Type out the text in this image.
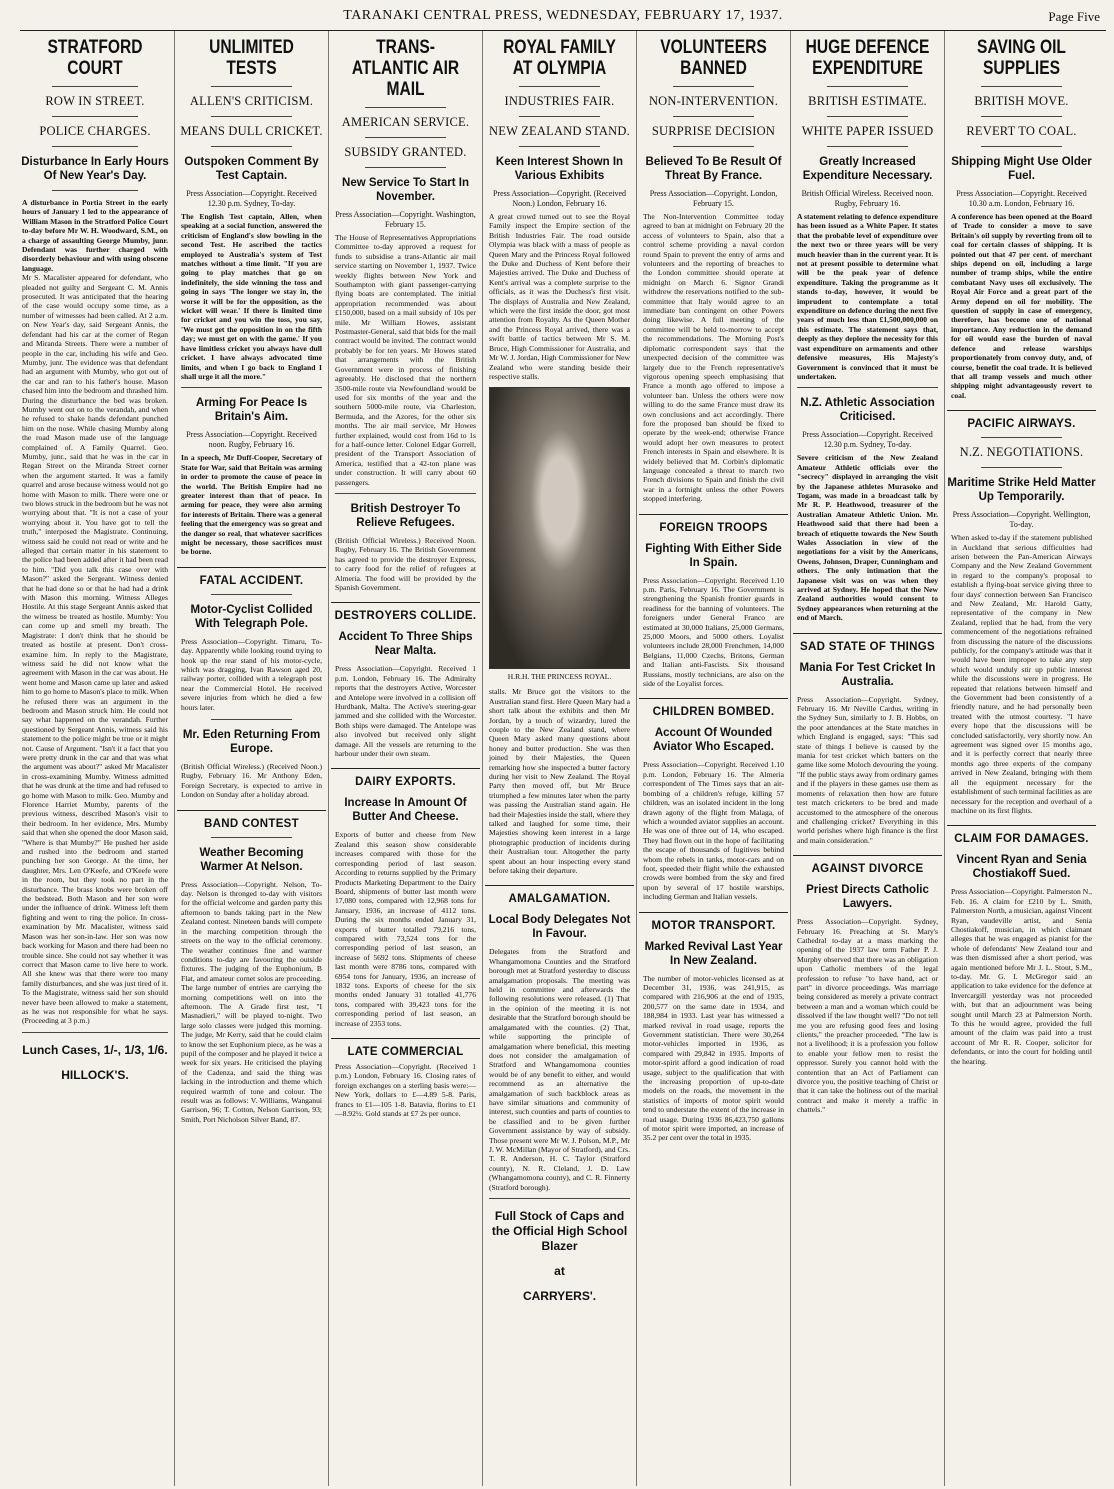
TARANAKI CENTRAL PRESS, WEDNESDAY, FEBRUARY 17, 1937.	Page Five
STRATFORD COURT
ROW IN STREET.
POLICE CHARGES.
Disturbance In Early Hours Of New Year's Day.

A disturbance in Portia Street in the early hours of January 1 led to the appearance of William Mason in the Stratford Police Court to-day before Mr W. H. Woodward, S.M., on a charge of assaulting George Mumby, junr. Defendant was further charged with disorderly behaviour and with using obscene language.

Mr S. Macalister appeared for defendant, who pleaded not guilty and Sergeant C. M. Annis prosecuted. It was anticipated that the hearing of the case would occupy some time, as a number of witnesses had been called. At 2 a.m. on New Year's day, said Sergeant Annis, the defendant had his car at the corner of Regan and Miranda Streets. There were a number of people in the car, including his wife and Geo. Mumby, junr. The evidence was that defendant had an argument with Mumby, who got out of the car and ran to his father's house. Mason chased him into the bedroom and thrashed him. During the disturbance the bed was broken. Mumby went out on to the verandah, and when he refused to shake hands defendant punched him on the nose. While chasing Mumby along the road Mason made use of the language complained of. A Family Quarrel. Geo. Mumby, junr., said that he was in the car in Regan Street on the Miranda Street corner when the argument started. It was a family quarrel and arose because witness would not go home with Mason to milk. There were one or two blows struck in the bedroom but he was not worrying about that. "It is not a case of your worrying about it. You have got to tell the truth," interposed the Magistrate. Continuing, witness said he could not read or write and he alleged that certain matter in his statement to the police had been added after it had been read to him. "Did you talk this case over with Mason?" asked the Sergeant. Witness denied that he had done so or that he had had a drink with Mason this morning. Witness Alleges Hostile. At this stage Sergeant Annis asked that the witness be treated as hostile. Mumby: You can come up and smell my breath. The Magistrate: I don't think that he should be treated as hostile at present. Don't cross-examine him. In reply to the Magistrate, witness said he did not know what the agreement with Mason in the car was about. He went home and Mason came up later and asked him to go home to Mason's place to milk. When he refused there was an argument in the bedroom and Mason struck him. He could not say what happened on the verandah. Further questioned by Sergeant Annis, witness said his statement to the police might be true or it might not. Cause of Argument. "Isn't it a fact that you were pretty drunk in the car and that was what the argument was about?" asked Mr Macalister in cross-examining Mumby. Witness admitted that he was drunk at the time and had refused to go home with Mason to milk. Geo. Mumby and Florence Harriet Mumby, parents of the previous witness, described Mason's visit to their bedroom. In her evidence, Mrs. Mumby said that when she opened the door Mason said, "Where is that Mumby?" He pushed her aside and rushed into the bedroom and started punching her son George. At the time, her daughter, Mrs. Len O'Keefe, and O'Keefe were in the room, but they took no part in the disturbance. The brass knobs were broken off the bedstead. Both Mason and her son were under the influence of drink. Witness left them fighting and went to ring the police. In cross-examination by Mr. Macalister, witness said Mason was her son-in-law. Her son was now back working for Mason and there had been no trouble since. She could not say whether it was correct that Mason came to live here to work. All she knew was that there were too many family disturbances, and she was just tired of it. To the Magistrate, witness said her son should never have been allowed to make a statement, as he was not responsible for what he says. (Proceeding at 3 p.m.)

Lunch Cases, 1/-, 1/3, 1/6.
HILLOCK'S.
UNLIMITED TESTS
ALLEN'S CRITICISM.
MEANS DULL CRICKET.
Outspoken Comment By Test Captain.
Press Association—Copyright. Received 12.30 p.m. Sydney, To-day.

The English Test captain, Allen, when speaking at a social function, answered the criticism of England's slow bowling in the second Test. He ascribed the tactics employed to Australia's system of Test matches without a time limit. "If you are going to play matches that go on indefinitely, the side winning the toss and going in says 'The longer we stay in, the worse it will be for the opposition, as the wicket will wear.' If there is limited time for cricket and you win the toss, you say, 'We must get the opposition in on the fifth day; we must get on with the game.' If you have limitless cricket you always have dull cricket. I have always advocated time limits, and when I go back to England I shall urge it all the more."

Arming For Peace Is Britain's Aim.
Press Association—Copyright. Received noon. Rugby, February 16.

In a speech, Mr Duff-Cooper, Secretary of State for War, said that Britain was arming in order to promote the cause of peace in the world. The British Empire had no greater interest than that of peace. In arming for peace, they were also arming for interests of Britain. There was a general feeling that the emergency was so great and the danger so real, that whatever sacrifices might be necessary, those sacrifices must be borne.

FATAL ACCIDENT.
Motor-Cyclist Collided With Telegraph Pole.

Press Association—Copyright. Timaru, To-day. Apparently while looking round trying to hook up the rear stand of his motor-cycle, which was dragging, Ivan Rawson aged 20, railway porter, collided with a telegraph post near the Commercial Hotel. He received severe injuries from which he died a few hours later.

Mr. Eden Returning From Europe.

(British Official Wireless.) (Received Noon.) Rugby, February 16. Mr Anthony Eden, Foreign Secretary, is expected to arrive in London on Sunday after a holiday abroad.

BAND CONTEST
Weather Becoming Warmer At Nelson.

Press Association—Copyright. Nelson, To-day. Nelson is thronged to-day with visitors for the official welcome and garden party this afternoon to bands taking part in the New Zealand contest. Nineteen bands will compete in the marching competition through the streets on the way to the official ceremony. The weather continues fine and warmer conditions to-day are favouring the outside fixtures. The judging of the Euphonium, B Flat, and amateur cornet solos are proceeding. The large number of entries are carrying the morning competitions well on into the afternoon. The A Grade first test, "I Masnadieri," will be played to-night. Two large solo classes were judged this morning. The judge, Mr Kerry, said that he could claim to know the set Euphonium piece, as he was a pupil of the composer and he played it twice a week for six years. He criticised the playing of the Cadenza, and said the thing was lacking in the introduction and theme which required warmth of tone and colour. The result was as follows: V. Williams, Wanganui Garrison, 96; T. Cotton, Nelson Garrison, 93; Smith, Port Nicholson Silver Band, 87.

TRANS-ATLANTIC AIR MAIL
AMERICAN SERVICE.
SUBSIDY GRANTED.
New Service To Start In November.
Press Association—Copyright. Washington, February 15.

The House of Representatives Appropriations Committee to-day approved a request for funds to subsidise a trans-Atlantic air mail service starting on November 1, 1937. Twice weekly flights between New York and Southampton with giant passenger-carrying flying boats are contemplated. The initial appropriation recommended was about £150,000, based on a mail subsidy of 10s per mile. Mr William Howes, assistant Postmaster-General, said that bids for the mail contract would be invited. The contract would probably be for ten years. Mr Howes stated that arrangements with the British Government were in process of finishing agreeably. He disclosed that the northern 3500-mile route via Newfoundland would be used for six months of the year and the southern 5000-mile route, via Charleston, Bermuda, and the Azores, for the other six months. The air mail service, Mr Howes further explained, would cost from 16d to 1s for a half-ounce letter. Colonel Edgar Gorrell, president of the Transport Association of America, testified that a 42-ton plane was under construction. It will carry about 60 passengers.

British Destroyer To Relieve Refugees.

(British Official Wireless.) Received Noon. Rugby, February 16. The British Government has agreed to provide the destroyer Express, to carry food for the relief of refugees at Almeria. The food will be provided by the Spanish Government.

DESTROYERS COLLIDE.
Accident To Three Ships Near Malta.

Press Association—Copyright. Received 1 p.m. London, February 16. The Admiralty reports that the destroyers Active, Worcester and Antelope were involved in a collision off Hurdbank, Malta. The Active's steering-gear jammed and she collided with the Worcester. Both ships were damaged. The Antelope was also involved but received only slight damage. All the vessels are returning to the harbour under their own steam.

DAIRY EXPORTS.
Increase In Amount Of Butter And Cheese.

Exports of butter and cheese from New Zealand this season show considerable increases compared with those for the corresponding period of last season. According to returns supplied by the Primary Products Marketing Department to the Dairy Board, shipments of butter last month were 17,080 tons, compared with 12,968 tons for January, 1936, an increase of 4112 tons. During the six months ended January 31, exports of butter totalled 79,216 tons, compared with 73,524 tons for the corresponding period of last season, an increase of 5692 tons. Shipments of cheese last month were 8786 tons, compared with 6954 tons for January, 1936, an increase of 1832 tons. Exports of cheese for the six months ended January 31 totalled 41,776 tons, compared with 39,423 tons for the corresponding period of last season, an increase of 2353 tons.

LATE COMMERCIAL

Press Association—Copyright. (Received 1 p.m.) London, February 16. Closing rates of foreign exchanges on a sterling basis were:— New York, dollars to £—4.89 5-8. Paris, francs to £1—105 1-8. Batavia, florins to £1—8.92½. Gold stands at £7 2s per ounce.

ROYAL FAMILY AT OLYMPIA
INDUSTRIES FAIR.
NEW ZEALAND STAND.
Keen Interest Shown In Various Exhibits
Press Association—Copyright. (Received Noon.) London, February 16.

A great crowd turned out to see the Royal Family inspect the Empire section of the British Industries Fair. The road outside Olympia was black with a mass of people as Queen Mary and the Princess Royal followed the Duke and Duchess of Kent before their Majesties arrived. The Duke and Duchess of Kent's arrival was a complete surprise to the officials, as it was the Duchess's first visit. The displays of Australia and New Zealand, which were the first inside the door, got most attention from Royalty. As the Queen Mother and the Princess Royal arrived, there was a swift battle of tactics between Mr S. M. Bruce, High Commissioner for Australia, and Mr W. J. Jordan, High Commissioner for New Zealand who were standing beside their respective stalls.

H.R.H. THE PRINCESS ROYAL.

stalls. Mr Bruce got the visitors to the Australian stand first. Here Queen Mary had a short talk about the exhibits and then Mr Jordan, by a touch of wizardry, lured the couple to the New Zealand stand, where Queen Mary asked many questions about honey and butter production. She was then joined by their Majesties, the Queen remarking how she inspected a butter factory during her visit to New Zealand. The Royal Party then moved off, but Mr Bruce triumphed a few minutes later when the party was passing the Australian stand again. He had their Majesties inside the stall, where they talked and laughed for some time, their Majesties showing keen interest in a large photographic production of incidents during their Australian tour. Altogether the party spent about an hour inspecting every stand before taking their departure.

AMALGAMATION.
Local Body Delegates Not In Favour.

Delegates from the Stratford and Whangamomona Counties and the Stratford borough met at Stratford yesterday to discuss amalgamation proposals. The meeting was held in committee and afterwards the following resolutions were released. (1) That in the opinion of the meeting it is not desirable that the Stratford borough should be amalgamated with the counties. (2) That, while supporting the principle of amalgamation where beneficial, this meeting does not consider the amalgamation of Stratford and Whangamomona counties would be of any benefit to either, and would recommend as an alternative the amalgamation of such backblock areas as have similar situations and community of interest, such counties and parts of counties to be classified and to be given further Government assistance by way of subsidy. Those present were Mr W. J. Polson, M.P., Mr J. W. McMillan (Mayor of Stratford), and Crs. T. R. Anderson, H. C. Taylor (Stratford county), N. R. Cleland, J. D. Law (Whangamomona county), and C. R. Finnerty (Stratford borough).

Full Stock of Caps and the Official High School Blazer
at
CARRYERS'.
VOLUNTEERS BANNED
NON-INTERVENTION.
SURPRISE DECISION
Believed To Be Result Of Threat By France.
Press Association—Copyright. London, February 15.

The Non-Intervention Committee today agreed to ban at midnight on February 20 the access of volunteers to Spain, also that a control scheme providing a naval cordon round Spain to prevent the entry of arms and volunteers and the reporting of breaches to the London committee should operate at midnight on March 6. Signor Grandi withdrew the reservations notified to the sub-committee that Italy would agree to an immediate ban contingent on other Powers doing likewise. A full meeting of the committee will be held to-morrow to accept the recommendations. The Morning Post's diplomatic correspondent says that the unexpected decision of the committee was largely due to the French representative's vigorous opening speech emphasising that France a month ago offered to impose a volunteer ban. Unless the others were now willing to do the same France must draw its own conclusions and act accordingly. There fore the proposed ban should be fixed to operate by the week-end; otherwise France would adopt her own measures to protect French interests in Spain and elsewhere. It is widely believed that M. Corbin's diplomatic language concealed a threat to march two French divisions to Spain and finish the civil war in a fortnight unless the other Powers stopped interfering.

FOREIGN TROOPS
Fighting With Either Side In Spain.

Press Association—Copyright. Received 1.10 p.m. Paris, February 16. The Government is strengthening the Spanish frontier guards in readiness for the banning of volunteers. The foreigners under General Franco are estimated at 30,000 Italians, 25,000 Germans, 25,000 Moors, and 5000 others. Loyalist volunteers include 28,000 Frenchmen, 14,000 Belgians, 11,000 Czechs, Britons, German and Italian anti-Fascists. Six thousand Russians, mostly technicians, are also on the side of the Loyalist forces.

CHILDREN BOMBED.
Account Of Wounded Aviator Who Escaped.

Press Association—Copyright. Received 1.10 p.m. London, February 16. The Almeria correspondent of The Times says that an air-bombing of a children's refuge, killing 57 children, was an isolated incident in the long drawn agony of the flight from Malaga, of which a wounded aviator supplies an account. He was one of three out of 14, who escaped. They had flown out in the hope of facilitating the escape of thousands of fugitives behind whom the rebels in tanks, motor-cars and on foot, speeded their flight while the exhausted crowds were bombed from the sky and fired upon by several of 17 hostile warships, including German and Italian vessels.

MOTOR TRANSPORT.
Marked Revival Last Year In New Zealand.

The number of motor-vehicles licensed as at December 31, 1936, was 241,915, as compared with 216,906 at the end of 1935, 200,577 on the same date in 1934, and 188,984 in 1933. Last year has witnessed a marked revival in road usage, reports the Government statistician. There were 30,264 motor-vehicles imported in 1936, as compared with 29,842 in 1935. Imports of motor-spirit afford a good indication of road usage, subject to the qualification that with the increasing proportion of up-to-date models on the roads, the movement in the statistics of imports of motor spirit would tend to understate the extent of the increase in road usage. During 1936 86,423,750 gallons of motor spirit were imported, an increase of 35.2 per cent over the total in 1935.

HUGE DEFENCE EXPENDITURE
BRITISH ESTIMATE.
WHITE PAPER ISSUED
Greatly Increased Expenditure Necessary.
British Official Wireless. Received noon. Rugby, February 16.

A statement relating to defence expenditure has been issued as a White Paper. It states that the probable level of expenditure over the next two or three years will be very much heavier than in the current year. It is not at present possible to determine what will be the peak year of defence expenditure. Taking the programme as it stands to-day, however, it would be imprudent to contemplate a total expenditure on defence during the next five years of much less than £1,500,000,000 on this estimate. The statement says that, deeply as they deplore the necessity for this vast expenditure on armaments and other defensive measures, His Majesty's Government is convinced that it must be undertaken.

N.Z. Athletic Association Criticised.
Press Association—Copyright. Received 12.30 p.m. Sydney, To-day.

Severe criticism of the New Zealand Amateur Athletic officials over the "secrecy" displayed in arranging the visit by the Japanese athletes Murasoko and Togam, was made in a broadcast talk by Mr R. P. Heathwood, treasurer of the Australian Amateur Athletic Union. Mr. Heathwood said that there had been a breach of etiquette towards the New South Wales Association in view of the negotiations for a visit by the Americans, Owens, Johnson, Draper, Cunningham and others. The only intimation that the Japanese visit was on was when they arrived at Sydney. He hoped that the New Zealand authorities would consent to Sydney appearances when returning at the end of March.

SAD STATE OF THINGS
Mania For Test Cricket In Australia.

Press Association—Copyright. Sydney, February 16. Mr Neville Cardus, writing in the Sydney Sun, similarly to J. B. Hobbs, on the poor attendances at the State matches in which England is engaged, says: "This sad state of things I believe is caused by the mania for test cricket which batters on the game like some Moloch devouring the young. "If the public stays away from ordinary games and if the players in these games use them as moments of relaxation then how are future test match cricketers to be bred and made accustomed to the atmosphere of the onerous and challenging cricket? Everything in this world perishes where high finance is the first and main consideration."

AGAINST DIVORCE
Priest Directs Catholic Lawyers.

Press Association—Copyright. Sydney, February 16. Preaching at St. Mary's Cathedral to-day at a mass marking the opening of the 1937 law term Father P. J. Murphy observed that there was an obligation upon Catholic members of the legal profession to refuse "to have hand, act or part" in divorce proceedings. Was marriage being considered as merely a private contract between a man and a woman which could be dissolved if the law thought well? "Do not tell me you are refusing good fees and losing clients," the preacher proceeded. "The law is not a livelihood; it is a profession you follow to enable your fellow men to resist the oppressor. Surely you cannot hold with the contention that an Act of Parliament can divorce you, the positive teaching of Christ or that it can take the holiness out of the marital contract and make it merely a traffic in chattels."

SAVING OIL SUPPLIES
BRITISH MOVE.
REVERT TO COAL.
Shipping Might Use Older Fuel.
Press Association—Copyright. Received 10.30 a.m. London, February 16.

A conference has been opened at the Board of Trade to consider a move to save Britain's oil supply by reverting from oil to coal for certain classes of shipping. It is pointed out that 47 per cent. of merchant ships depend on oil, including a large number of tramp ships, while the entire combatant Navy uses oil exclusively. The Royal Air Force and a great part of the Army depend on oil for mobility. The question of supply in case of emergency, therefore, has become one of national importance. Any reduction in the demand for oil would ease the burden of naval defence and release warships proportionately from convoy duty, and, of course, benefit the coal trade. It is believed that all tramp vessels and much other shipping might advantageously revert to coal.

PACIFIC AIRWAYS.
N.Z. NEGOTIATIONS.
Maritime Strike Held Matter Up Temporarily.
Press Association—Copyright. Wellington, To-day.

When asked to-day if the statement published in Auckland that serious difficulties had arisen between the Pan-American Airways Company and the New Zealand Government in regard to the company's proposal to establish a flying-boat service giving three to four days' connection between San Francisco and New Zealand, Mr. Harold Gatty, representative of the company in New Zealand, replied that he had, from the very commencement of the negotiations refrained from discussing the nature of the discussions publicly, for the company's attitude was that it would have been improper to take any step which would unduly stir up public interest while the discussions were in progress. He repeated that relations between himself and the Government had been consistently of a friendly nature, and he had personally been treated with the utmost courtesy. "I have every hope that the discussions will be concluded satisfactorily, very shortly now. An agreement was signed over 15 months ago, and it is perfectly correct that nearly three months ago three experts of the company arrived in New Zealand, bringing with them all the equipment necessary for the establishment of such terminal facilities as are necessary for the reception and overhaul of a machine on its first flights.

CLAIM FOR DAMAGES.
Vincent Ryan and Senia Chostiakoff Sued.

Press Association—Copyright. Palmerston N., Feb. 16. A claim for £210 by L. Smith, Palmerston North, a musician, against Vincent Ryan, vaudeville artist, and Senia Chostiakoff, musician, in which claimant alleges that he was engaged as pianist for the whole of defendants' New Zealand tour and was then dismissed after a short period, was again mentioned before Mr J. L. Stout, S.M., to-day. Mr. G. I. McGregor said an application to take evidence for the defence at Invercargill yesterday was not proceeded with, but that an adjournment was being sought until March 23 at Palmerston North. To this he would agree, provided the full amount of the claim was paid into a trust account of Mr R. R. Cooper, solicitor for defendants, or into the court for holding until the hearing.
